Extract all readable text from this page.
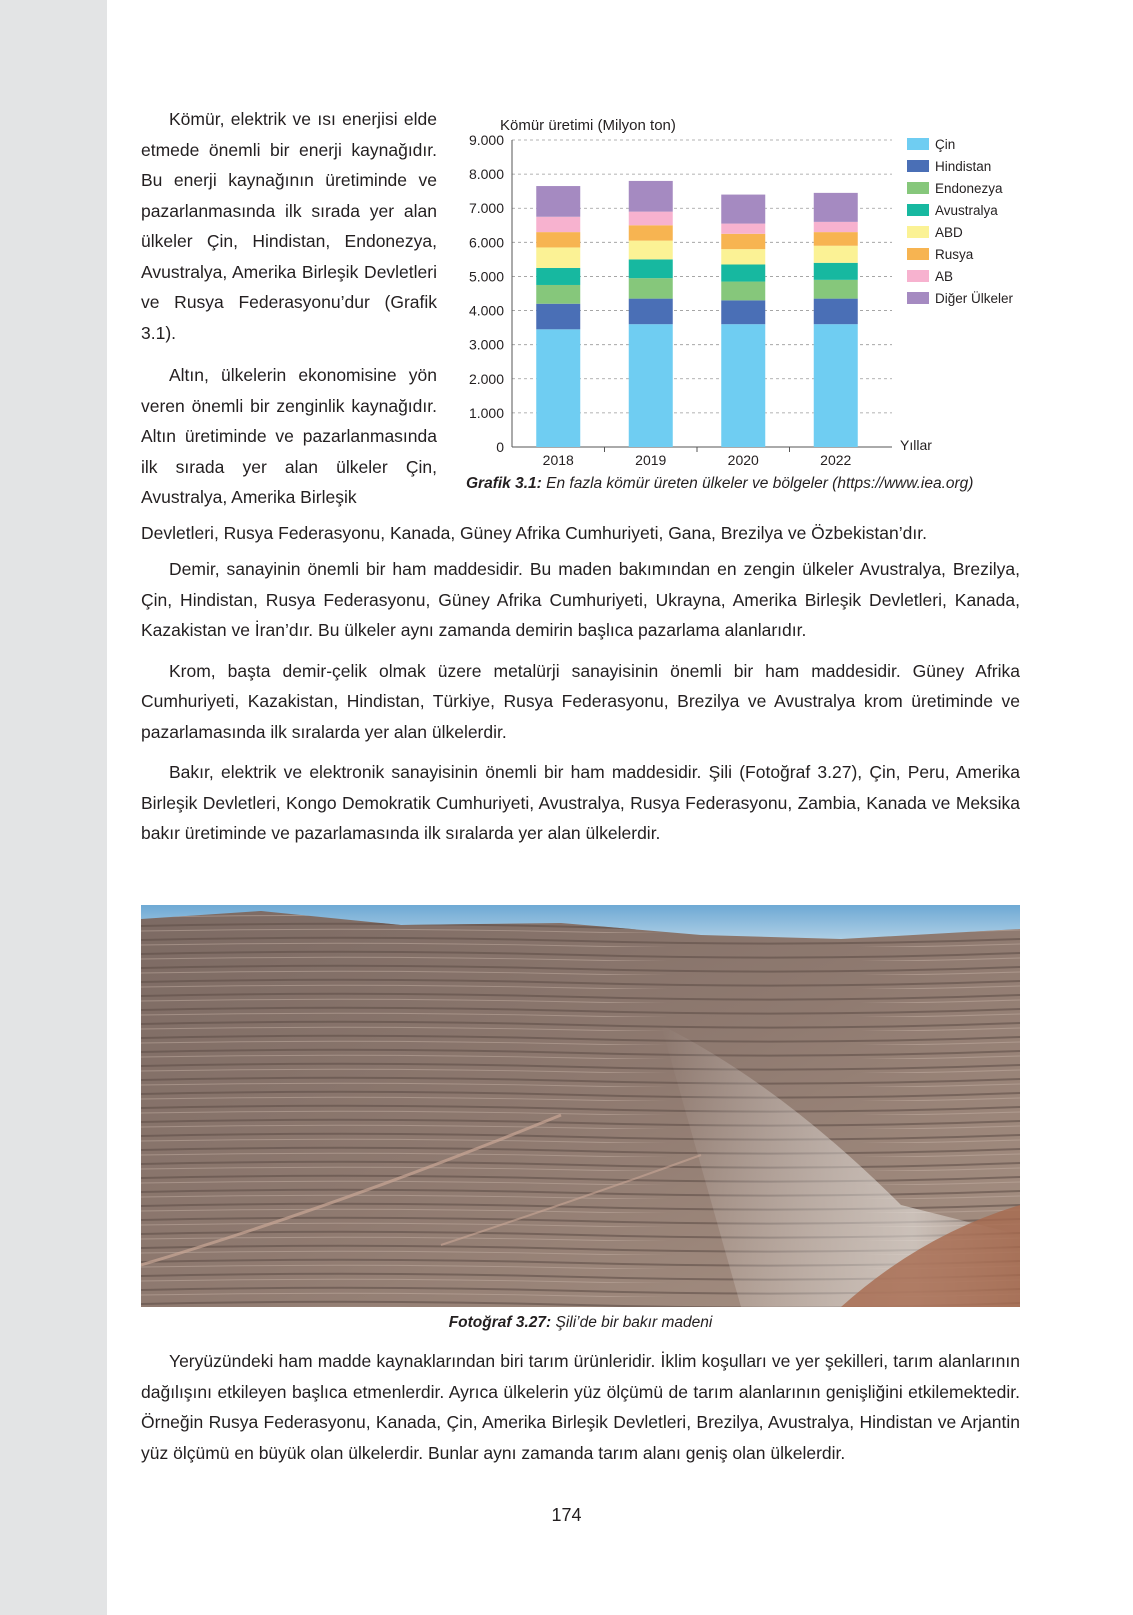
Kömür, elektrik ve ısı enerjisi elde etmede önemli bir enerji kaynağıdır. Bu enerji kaynağının üretiminde ve pazarlanmasında ilk sırada yer alan ülkeler Çin, Hindistan, Endonezya, Avustralya, Amerika Birleşik Devletleri ve Rusya Federasyonu’dur (Grafik 3.1).

Altın, ülkelerin ekonomisine yön veren önemli bir zenginlik kaynağıdır. Altın üretiminde ve pazarlanmasında ilk sırada yer alan ülkeler Çin, Avustralya, Amerika Birleşik

Kömür üretimi (Milyon ton)
0
1.000
2.000
3.000
4.000
5.000
6.000
7.000
8.000
9.000
2018	2019	2020	2022
Yıllar
Çin
Hindistan
Endonezya
Avustralya
ABD
Rusya
AB
Diğer Ülkeler
Grafik 3.1: En fazla kömür üreten ülkeler ve bölgeler (https://www.iea.org)

Devletleri, Rusya Federasyonu, Kanada, Güney Afrika Cumhuriyeti, Gana, Brezilya ve Özbekistan’dır.

Demir, sanayinin önemli bir ham maddesidir. Bu maden bakımından en zengin ülkeler Avustralya, Brezilya, Çin, Hindistan, Rusya Federasyonu, Güney Afrika Cumhuriyeti, Ukrayna, Amerika Birleşik Devletleri, Kanada, Kazakistan ve İran’dır. Bu ülkeler aynı zamanda demirin başlıca pazarlama alanlarıdır.

Krom, başta demir-çelik olmak üzere metalürji sanayisinin önemli bir ham maddesidir. Güney Afrika Cumhuriyeti, Kazakistan, Hindistan, Türkiye, Rusya Federasyonu, Brezilya ve Avustralya krom üretiminde ve pazarlamasında ilk sıralarda yer alan ülkelerdir.

Bakır, elektrik ve elektronik sanayisinin önemli bir ham maddesidir. Şili (Fotoğraf 3.27), Çin, Peru, Amerika Birleşik Devletleri, Kongo Demokratik Cumhuriyeti, Avustralya, Rusya Federasyonu, Zambia, Kanada ve Meksika bakır üretiminde ve pazarlamasında ilk sıralarda yer alan ülkelerdir.

Fotoğraf 3.27: Şili’de bir bakır madeni

Yeryüzündeki ham madde kaynaklarından biri tarım ürünleridir. İklim koşulları ve yer şekilleri, tarım alanlarının dağılışını etkileyen başlıca etmenlerdir. Ayrıca ülkelerin yüz ölçümü de tarım alanlarının genişliğini etkilemektedir. Örneğin Rusya Federasyonu, Kanada, Çin, Amerika Birleşik Devletleri, Brezilya, Avustralya, Hindistan ve Arjantin yüz ölçümü en büyük olan ülkelerdir. Bunlar aynı zamanda tarım alanı geniş olan ülkelerdir.

174
